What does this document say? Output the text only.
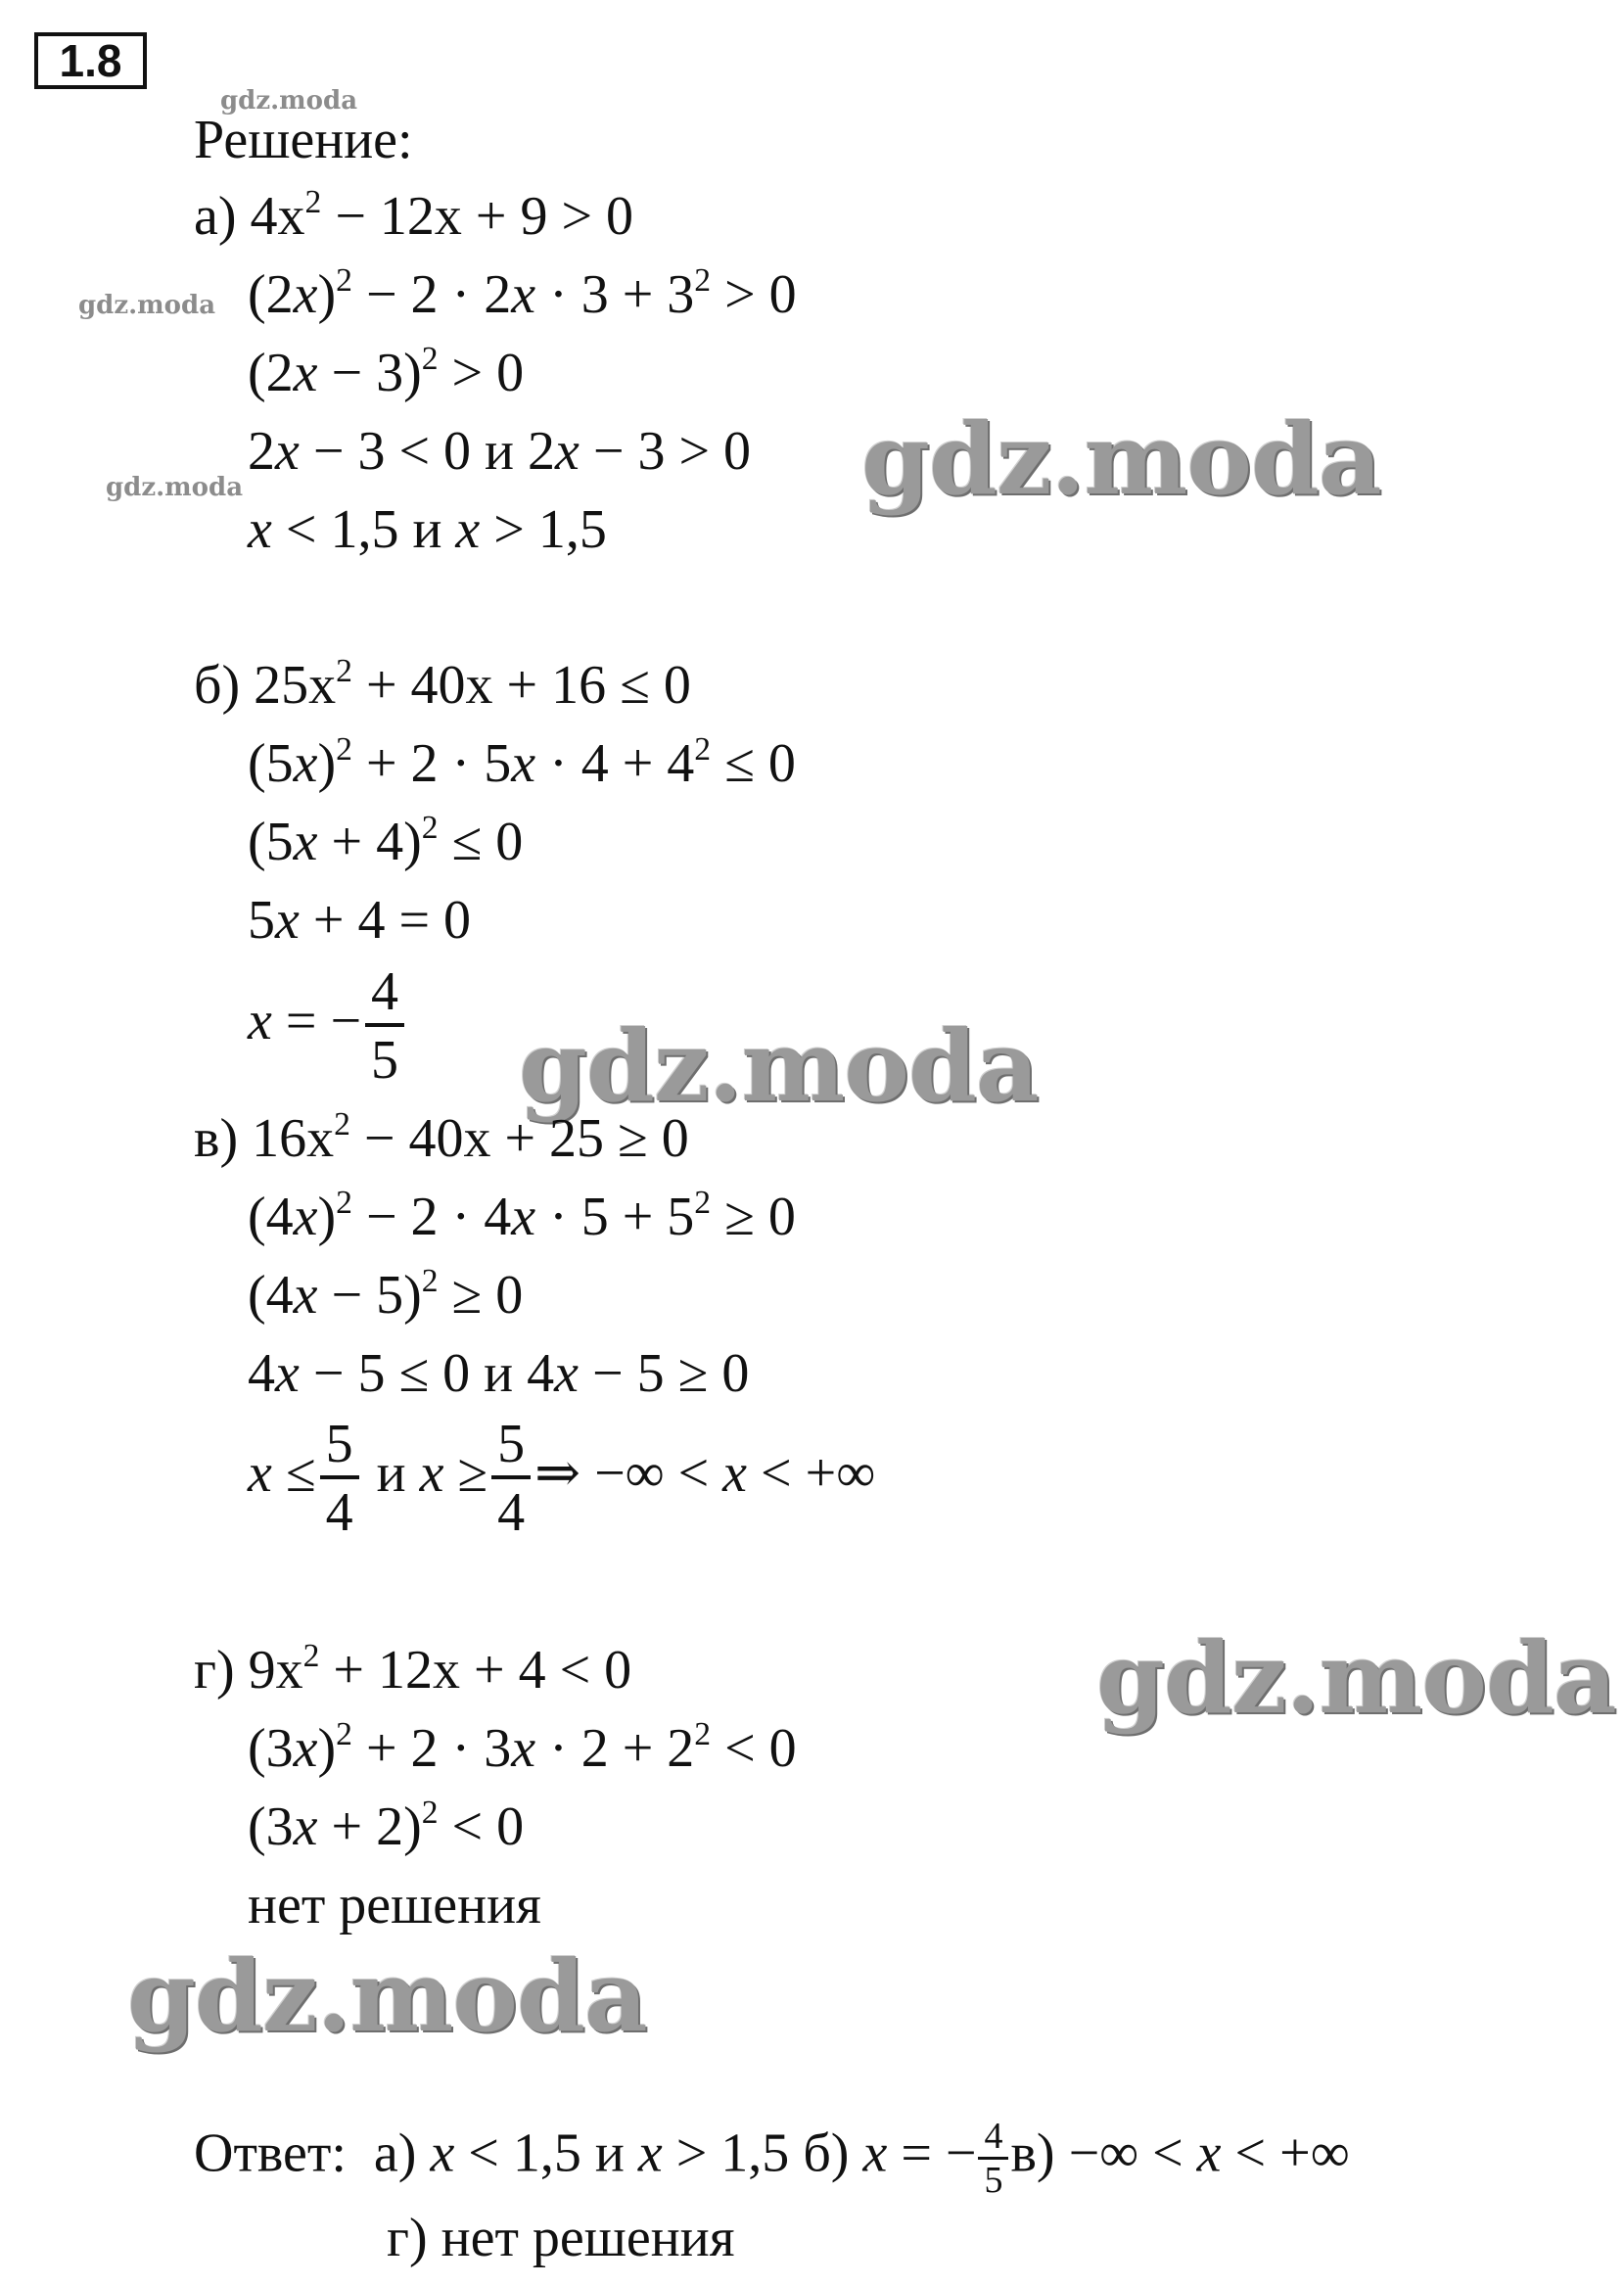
1.8
gdz.moda
gdz.moda
gdz.moda	gdz.moda
gdz.moda
gdz.moda
gdz.moda
Решение:
а) $4x^2 - 12x + 9 > 0$
$(2x)^2 - 2 \cdot 2x \cdot 3 + 3^2 > 0$
$(2x - 3)^2 > 0$
2x − 3 < 0 и 2x − 3 > 0
x < 1,5 и x > 1,5
б) $25x^2 + 40x + 16 \le 0$
$(5x)^2 + 2 \cdot 5x \cdot 4 + 4^2 \le 0$
$(5x + 4)^2 \le 0$
5x + 4 = 0
x = − $\frac{4}{5}$
в) $16x^2 - 40x + 25 \ge 0$
$(4x)^2 - 2 \cdot 4x \cdot 5 + 5^2 \ge 0$
$(4x - 5)^2 \ge 0$
4x − 5 ≤ 0 и 4x − 5 ≥ 0
$x \le \frac{5}{4}$ и $x \ge \frac{5}{4}$ ⇒ −∞ < x < +∞
г) $9x^2 + 12x + 4 < 0$
$(3x)^2 + 2 \cdot 3x \cdot 2 + 2^2 < 0$
$(3x + 2)^2 < 0$
нет решения
Ответ: а) x < 1,5 и x > 1,5 б) x = − $\frac{4}{5} в$) −∞ < x < +∞
г) нет решения
